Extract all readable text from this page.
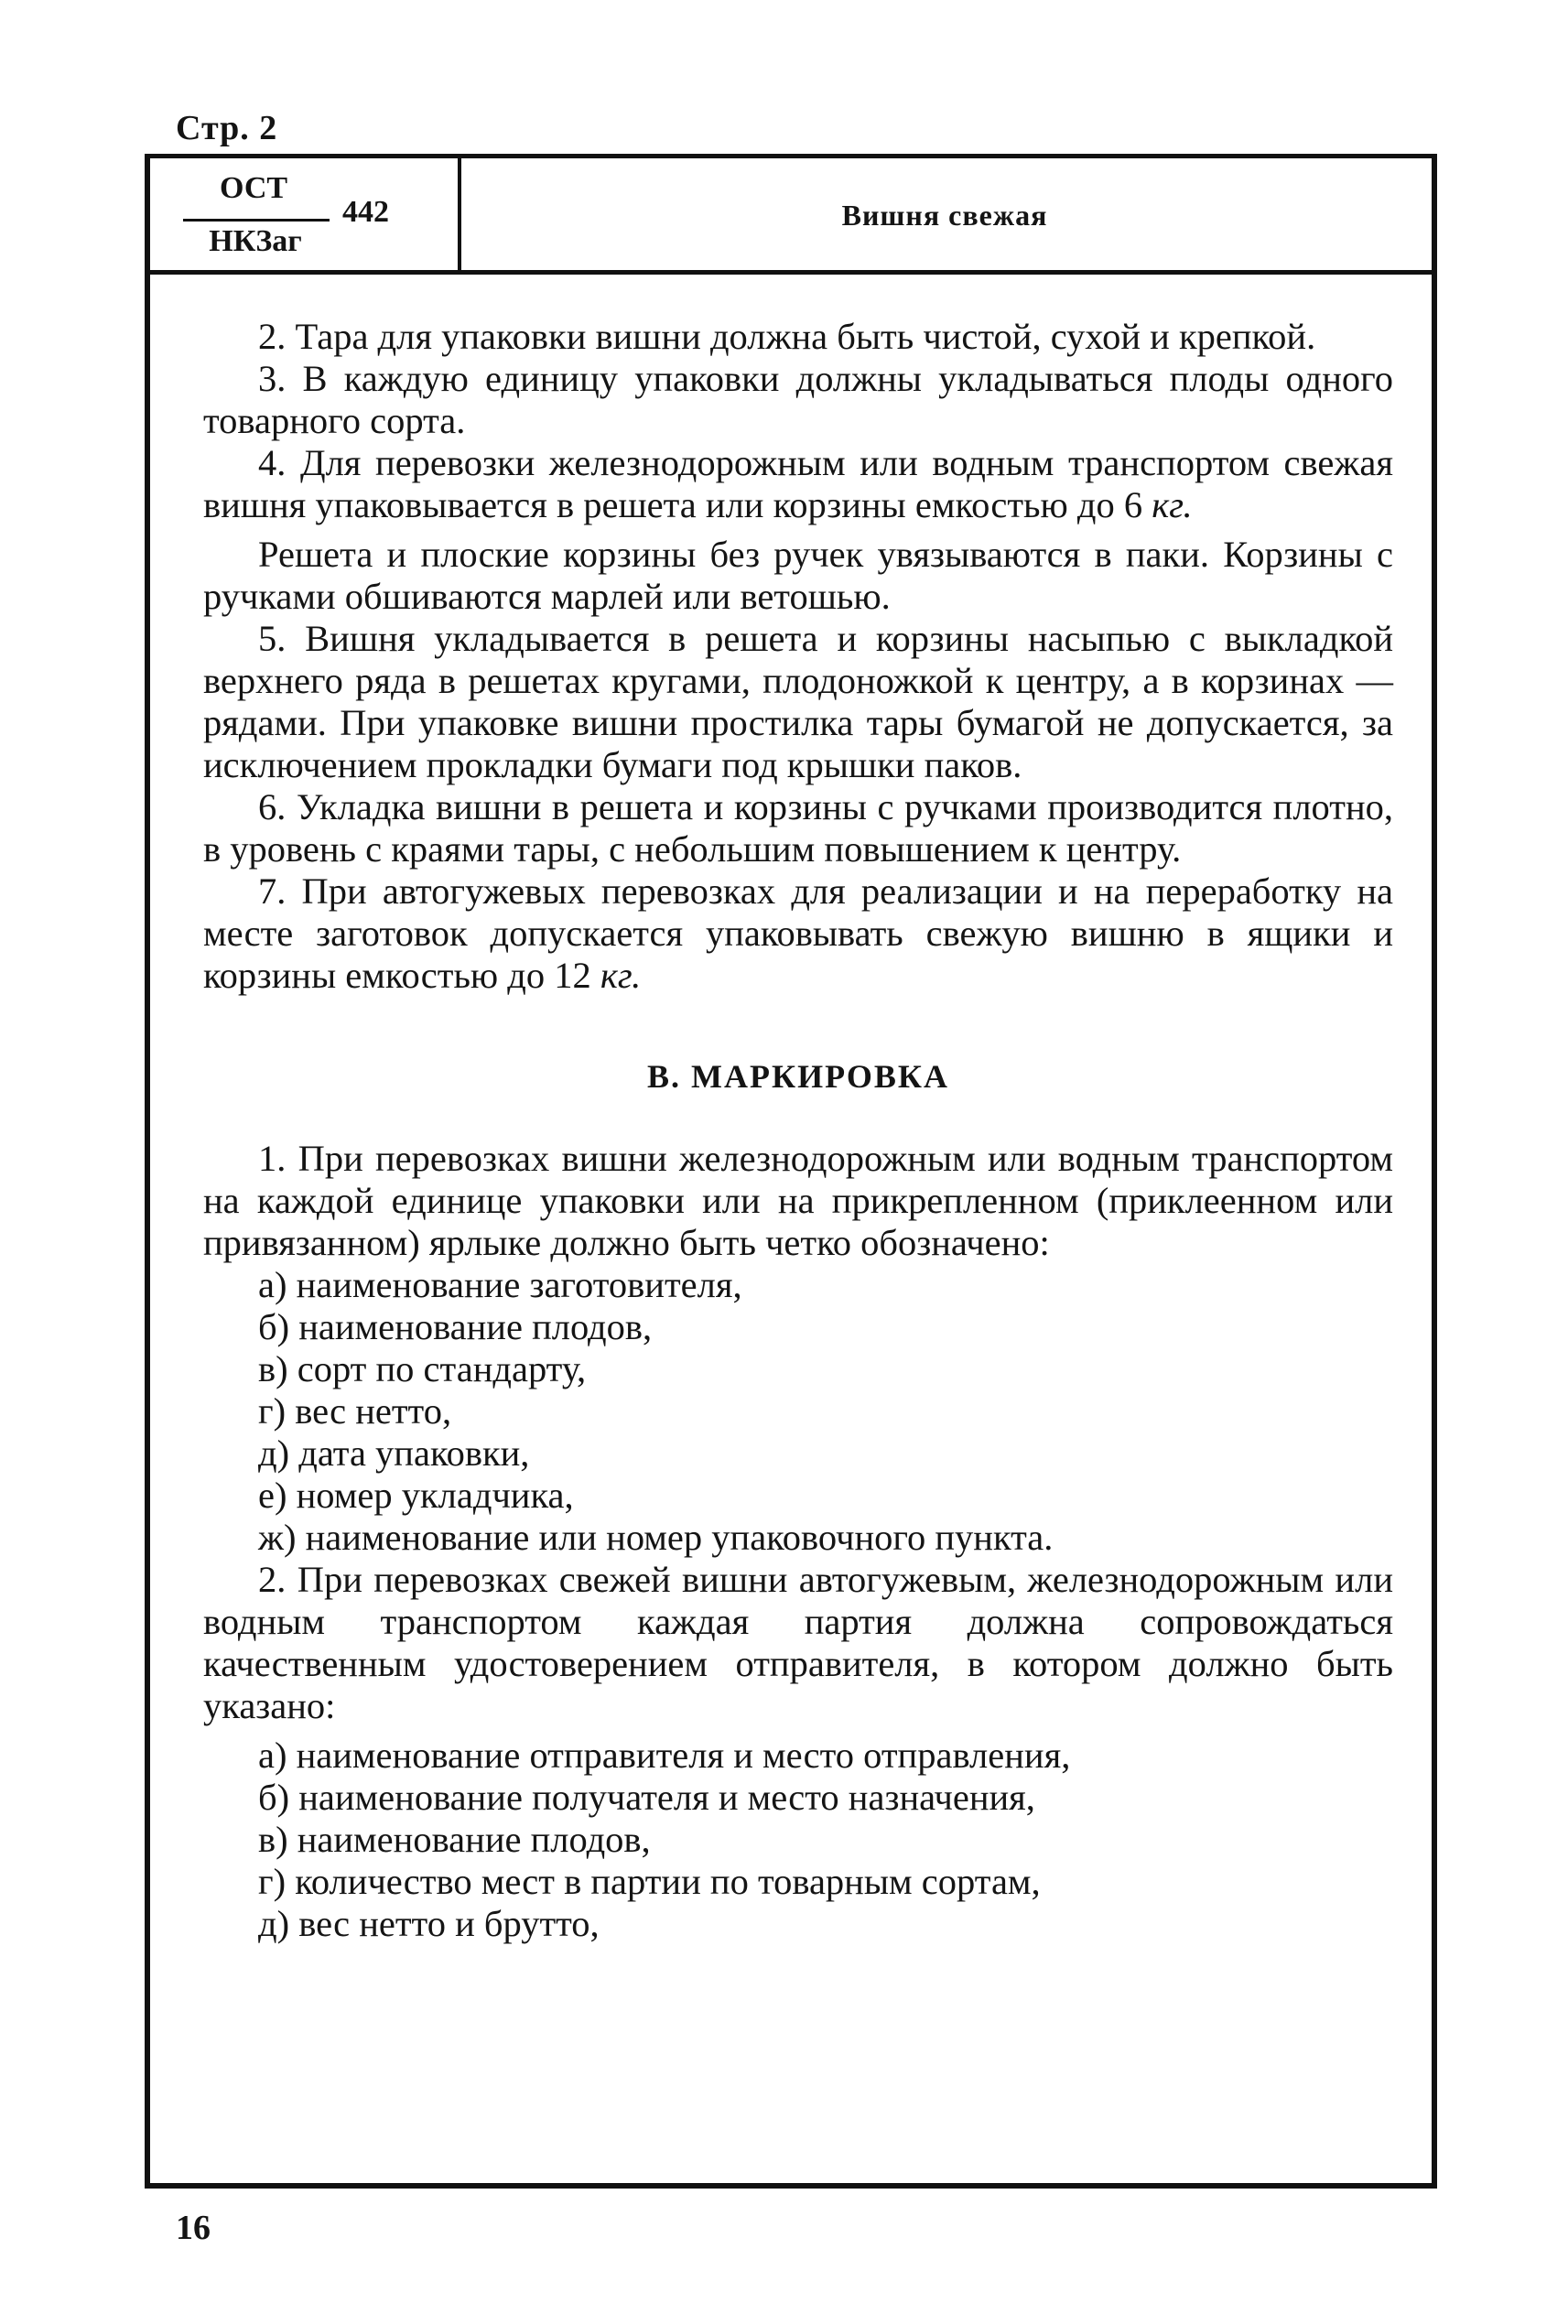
Стр. 2
ОСТ
НКЗаг
442	Вишня свежая

2. Тара для упаковки вишни должна быть чистой, сухой и крепкой.

3. В каждую единицу упаковки должны укладываться плоды одного товарного сорта.

4. Для перевозки железнодорожным или водным транспортом свежая вишня упаковывается в решета или корзины емкостью до 6 кг.

Решета и плоские корзины без ручек увязываются в паки. Корзины с ручками обшиваются марлей или ветошью.

5. Вишня укладывается в решета и корзины насыпью с выкладкой верхнего ряда в решетах кругами, плодоножкой к центру, а в корзинах — рядами. При упаковке вишни простилка тары бумагой не допускается, за исключением прокладки бумаги под крышки паков.

6. Укладка вишни в решета и корзины с ручками производится плотно, в уровень с краями тары, с небольшим повышением к центру.

7. При автогужевых перевозках для реализации и на переработку на месте заготовок допускается упаковывать свежую вишню в ящики и корзины емкостью до 12 кг.

В. МАРКИРОВКА

1. При перевозках вишни железнодорожным или водным транспортом на каждой единице упаковки или на прикрепленном (приклеенном или привязанном) ярлыке должно быть четко обозначено:

а) наименование заготовителя,

б) наименование плодов,

в) сорт по стандарту,

г) вес нетто,

д) дата упаковки,

е) номер укладчика,

ж) наименование или номер упаковочного пункта.

2. При перевозках свежей вишни автогужевым, железнодорожным или водным транспортом каждая партия должна сопровождаться качественным удостоверением отправителя, в котором должно быть указано:

а) наименование отправителя и место отправления,

б) наименование получателя и место назначения,

в) наименование плодов,

г) количество мест в партии по товарным сортам,

д) вес нетто и брутто,

16
